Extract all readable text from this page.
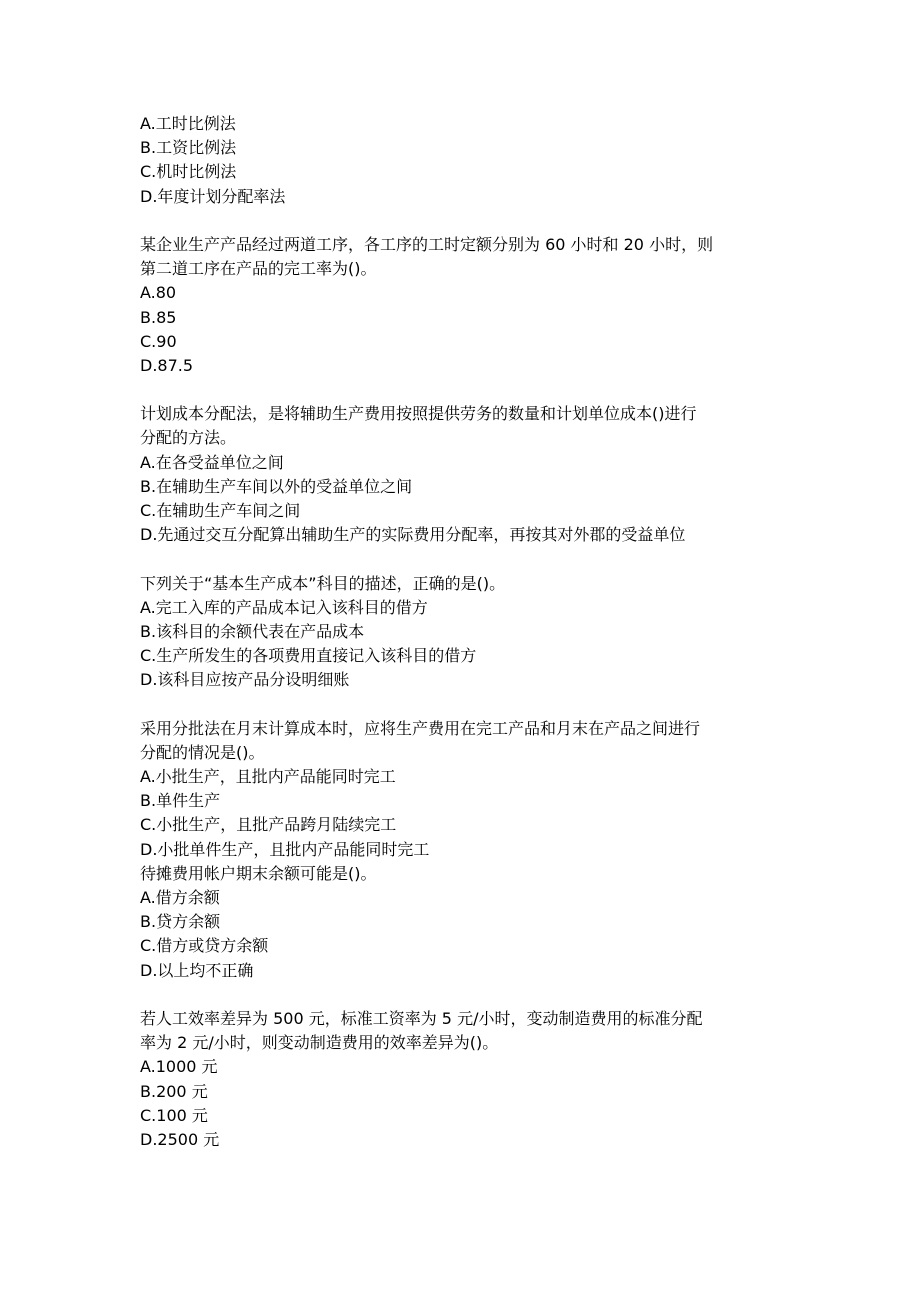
A.工时比例法
B.工资比例法
C.机时比例法
D.年度计划分配率法
某企业生产产品经过两道工序，各工序的工时定额分别为 60 小时和 20 小时，则
第二道工序在产品的完工率为()。
A.80
B.85
C.90
D.87.5
计划成本分配法，是将辅助生产费用按照提供劳务的数量和计划单位成本()进行
分配的方法。
A.在各受益单位之间
B.在辅助生产车间以外的受益单位之间
C.在辅助生产车间之间
D.先通过交互分配算出辅助生产的实际费用分配率，再按其对外郡的受益单位
下列关于“基本生产成本”科目的描述，正确的是()。
A.完工入库的产品成本记入该科目的借方
B.该科目的余额代表在产品成本
C.生产所发生的各项费用直接记入该科目的借方
D.该科目应按产品分设明细账
采用分批法在月末计算成本时，应将生产费用在完工产品和月末在产品之间进行
分配的情况是()。
A.小批生产，且批内产品能同时完工
B.单件生产
C.小批生产，且批产品跨月陆续完工
D.小批单件生产，且批内产品能同时完工
待摊费用帐户期末余额可能是()。
A.借方余额
B.贷方余额
C.借方或贷方余额
D.以上均不正确
若人工效率差异为 500 元，标准工资率为 5 元/小时，变动制造费用的标准分配
率为 2 元/小时，则变动制造费用的效率差异为()。
A.1000 元
B.200 元
C.100 元
D.2500 元
